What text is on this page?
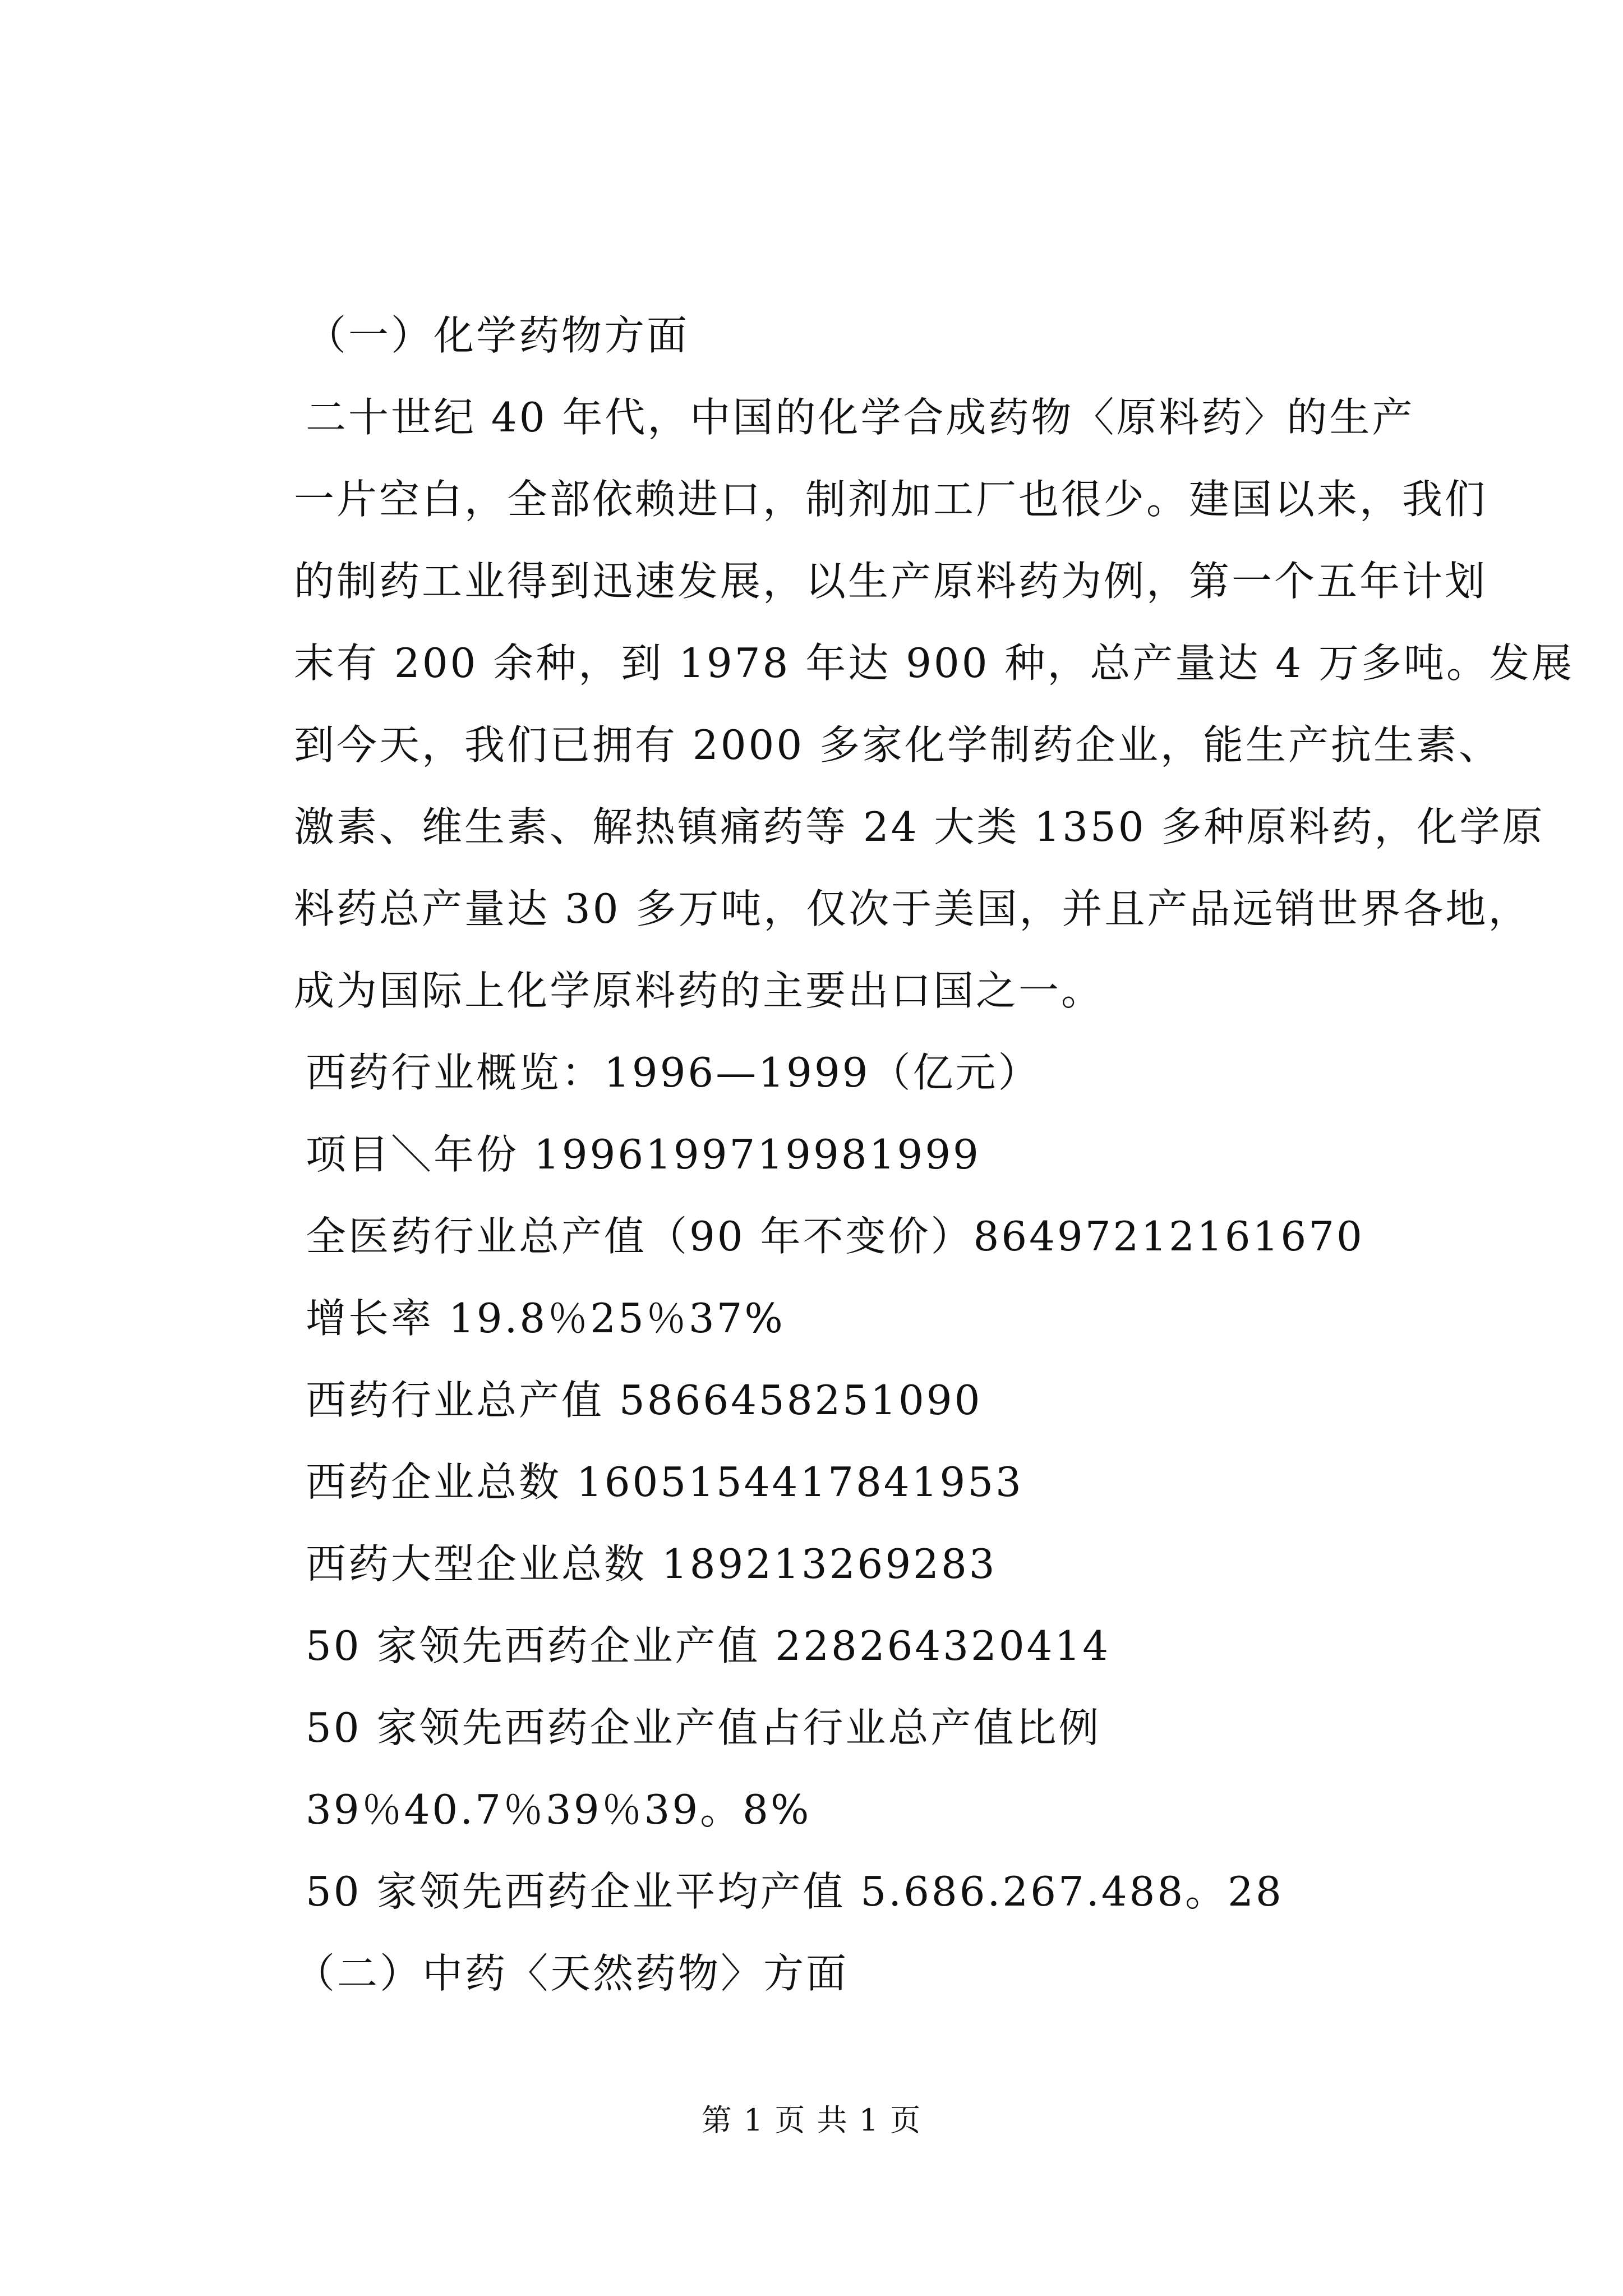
（一）化学药物方面
二十世纪 40 年代，中国的化学合成药物〈原料药〉的生产
一片空白，全部依赖进口，制剂加工厂也很少。建国以来，我们
的制药工业得到迅速发展，以生产原料药为例，第一个五年计划
末有 200 余种，到 1978 年达 900 种，总产量达 4 万多吨。发展
到今天，我们已拥有 2000 多家化学制药企业，能生产抗生素、
激素、维生素、解热镇痛药等 24 大类 1350 多种原料药，化学原
料药总产量达 30 多万吨，仅次于美国，并且产品远销世界各地，
成为国际上化学原料药的主要出口国之一。
西药行业概览：1996—1999（亿元）
项目＼年份 1996199719981999
全医药行业总产值（90 年不变价）86497212161670
增长率 19.8％25％37%
西药行业总产值 5866458251090
西药企业总数 1605154417841953
西药大型企业总数 189213269283
50 家领先西药企业产值 228264320414
50 家领先西药企业产值占行业总产值比例
39％40.7％39％39。8%
50 家领先西药企业平均产值 5.686.267.488。28
（二）中药〈天然药物〉方面
第 1 页 共 1 页
